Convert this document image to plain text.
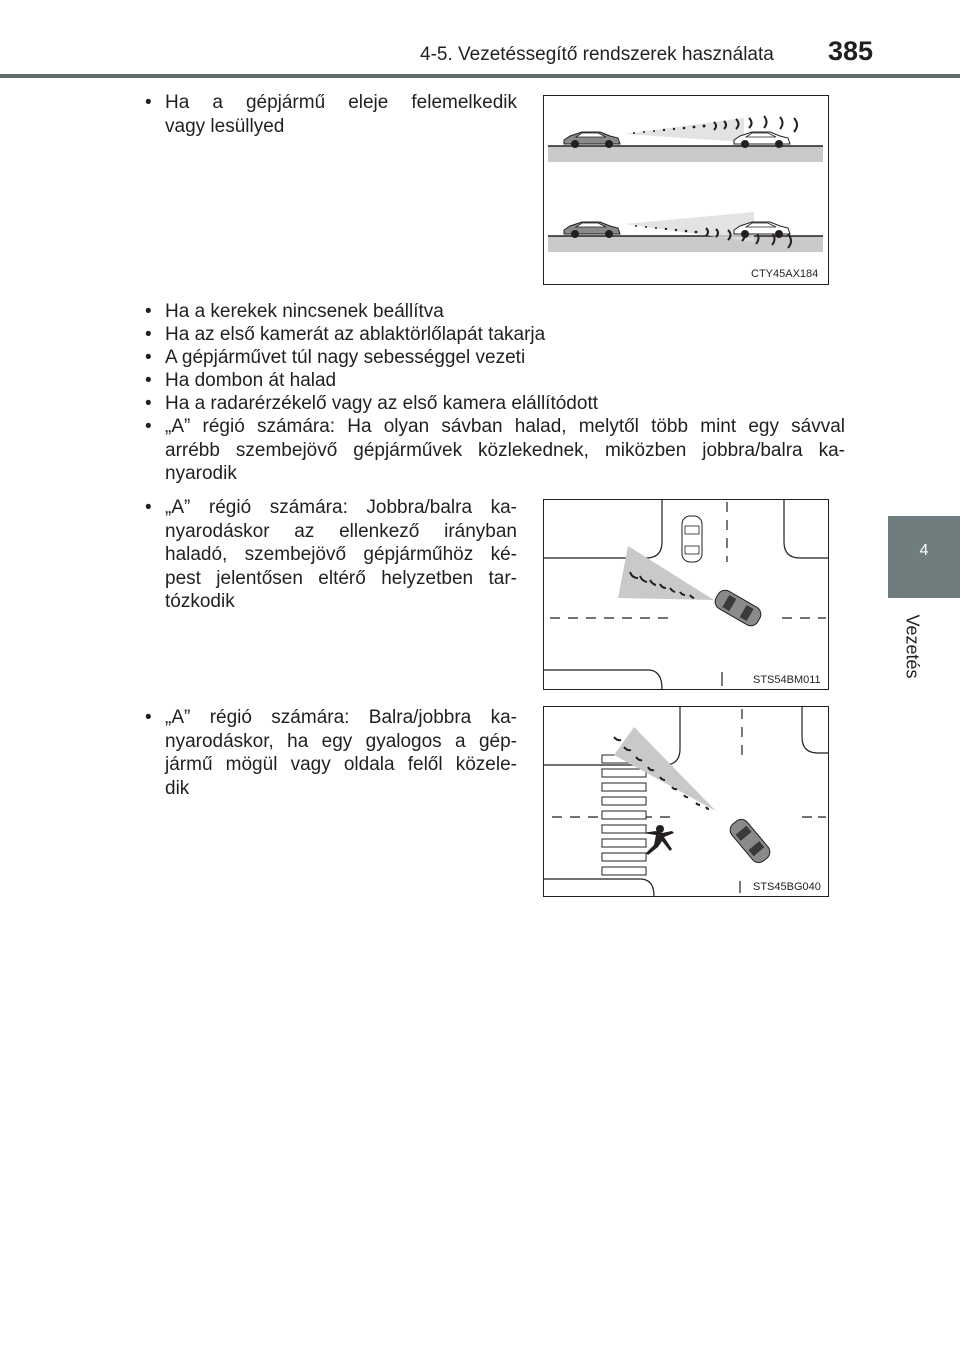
4-5. Vezetéssegítő rendszerek használata 385
4
Vezetés
• Ha a gépjármű eleje felemelkedik
vagy lesüllyed
CTY45AX184
• Ha a kerekek nincsenek beállítva
• Ha az első kamerát az ablaktörlőlapát takarja
• A gépjárművet túl nagy sebességgel vezeti
• Ha dombon át halad
• Ha a radarérzékelő vagy az első kamera elállítódott
• „A” régió számára: Ha olyan sávban halad, melytől több mint egy sávval
arrébb szembejövő gépjárművek közlekednek, miközben jobbra/balra ka-
nyarodik
• „A” régió számára: Jobbra/balra ka-
nyarodáskor az ellenkező irányban
haladó, szembejövő gépjárműhöz ké-
pest jelentősen eltérő helyzetben tar-
tózkodik
STS54BM011
• „A” régió számára: Balra/jobbra ka-
nyarodáskor, ha egy gyalogos a gép-
jármű mögül vagy oldala felől közele-
dik
STS45BG040
